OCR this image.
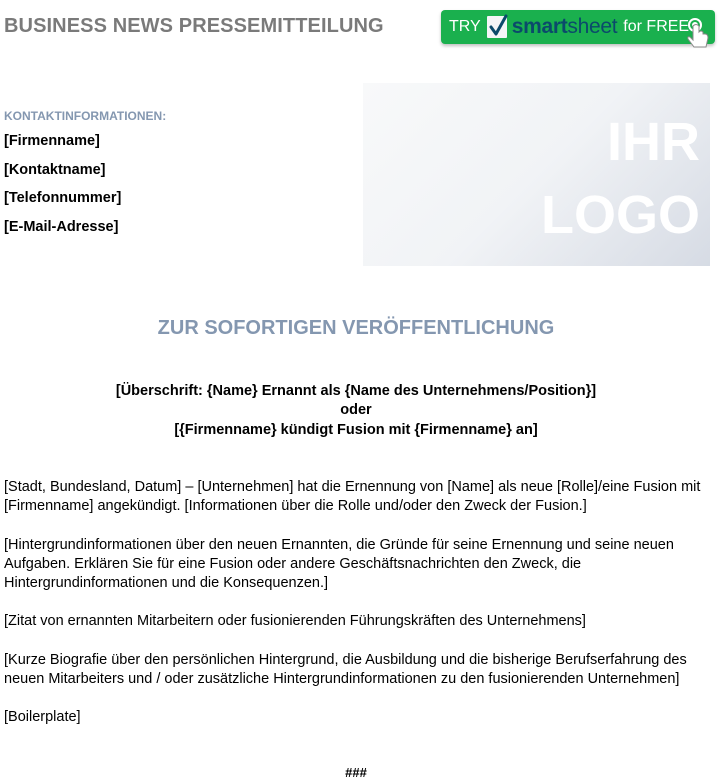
BUSINESS NEWS PRESSEMITTEILUNG	TRY smartsheet for FREE
KONTAKTINFORMATIONEN:
[Firmenname]
[Kontaktname]
[Telefonnummer]
[E-Mail-Adresse]
IHR
LOGO
ZUR SOFORTIGEN VERÖFFENTLICHUNG
[Überschrift: {Name} Ernannt als {Name des Unternehmens/Position}]
oder
[{Firmenname} kündigt Fusion mit {Firmenname} an]
[Stadt, Bundesland, Datum] – [Unternehmen] hat die Ernennung von [Name] als neue [Rolle]/eine Fusion mit [Firmenname] angekündigt. [Informationen über die Rolle und/oder den Zweck der Fusion.]
[Hintergrundinformationen über den neuen Ernannten, die Gründe für seine Ernennung und seine neuen Aufgaben. Erklären Sie für eine Fusion oder andere Geschäftsnachrichten den Zweck, die Hintergrundinformationen und die Konsequenzen.]
[Zitat von ernannten Mitarbeitern oder fusionierenden Führungskräften des Unternehmens]
[Kurze Biografie über den persönlichen Hintergrund, die Ausbildung und die bisherige Berufserfahrung des neuen Mitarbeiters und / oder zusätzliche Hintergrundinformationen zu den fusionierenden Unternehmen]
[Boilerplate]
###
